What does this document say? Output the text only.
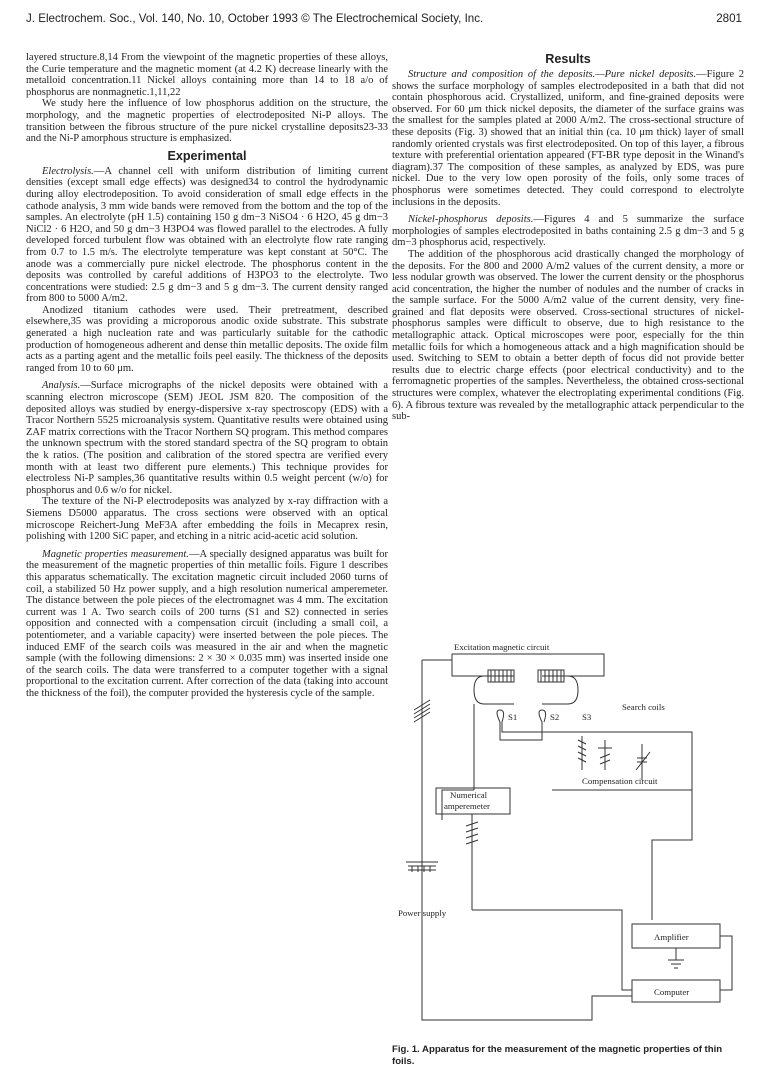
J. Electrochem. Soc., Vol. 140, No. 10, October 1993 © The Electrochemical Society, Inc.	2801

layered structure.8,14 From the viewpoint of the magnetic properties of these alloys, the Curie temperature and the magnetic moment (at 4.2 K) decrease linearly with the metalloid concentration.11 Nickel alloys containing more than 14 to 18 a/o of phosphorus are nonmagnetic.1,11,22

We study here the influence of low phosphorus addition on the structure, the morphology, and the magnetic properties of electrodeposited Ni-P alloys. The transition between the fibrous structure of the pure nickel crystalline deposits23-33 and the Ni-P amorphous structure is emphasized.

Experimental

Electrolysis.—A channel cell with uniform distribution of limiting current densities (except small edge effects) was designed34 to control the hydrodynamic during alloy electrodeposition. To avoid consideration of small edge effects in the cathode analysis, 3 mm wide bands were removed from the bottom and the top of the samples. An electrolyte (pH 1.5) containing 150 g dm−3 NiSO4 · 6 H2O, 45 g dm−3 NiCl2 · 6 H2O, and 50 g dm−3 H3PO4 was flowed parallel to the electrodes. A fully developed forced turbulent flow was obtained with an electrolyte flow rate ranging from 0.7 to 1.5 m/s. The electrolyte temperature was kept constant at 50°C. The anode was a commercially pure nickel electrode. The phosphorus content in the deposits was controlled by careful additions of H3PO3 to the electrolyte. Two concentrations were studied: 2.5 g dm−3 and 5 g dm−3. The current density ranged from 800 to 5000 A/m2.

Anodized titanium cathodes were used. Their pretreatment, described elsewhere,35 was providing a microporous anodic oxide substrate. This substrate generated a high nucleation rate and was particularly suitable for the cathodic production of homogeneous adherent and dense thin metallic deposits. The oxide film acts as a parting agent and the metallic foils peel easily. The thickness of the deposits ranged from 10 to 60 μm.

Analysis.—Surface micrographs of the nickel deposits were obtained with a scanning electron microscope (SEM) JEOL JSM 820. The composition of the deposited alloys was studied by energy-dispersive x-ray spectroscopy (EDS) with a Tracor Northern 5525 microanalysis system. Quantitative results were obtained using ZAF matrix corrections with the Tracor Northern SQ program. This method compares the unknown spectrum with the stored standard spectra of the SQ program to obtain the k ratios. (The position and calibration of the stored spectra are verified every month with at least two different pure elements.) This technique provides for electroless Ni-P samples,36 quantitative results within 0.5 weight percent (w/o) for phosphorus and 0.6 w/o for nickel.

The texture of the Ni-P electrodeposits was analyzed by x-ray diffraction with a Siemens D5000 apparatus. The cross sections were observed with an optical microscope Reichert-Jung MeF3A after embedding the foils in Mecaprex resin, polishing with 1200 SiC paper, and etching in a nitric acid-acetic acid solution.

Magnetic properties measurement.—A specially designed apparatus was built for the measurement of the magnetic properties of thin metallic foils. Figure 1 describes this apparatus schematically. The excitation magnetic circuit included 2060 turns of coil, a stabilized 50 Hz power supply, and a high resolution numerical amperemeter. The distance between the pole pieces of the electromagnet was 4 mm. The excitation current was 1 A. Two search coils of 200 turns (S1 and S2) connected in series opposition and connected with a compensation circuit (including a small coil, a potentiometer, and a variable capacity) were inserted between the pole pieces. The induced EMF of the search coils was measured in the air and when the magnetic sample (with the following dimensions: 2 × 30 × 0.035 mm) was inserted inside one of the search coils. The data were transferred to a computer together with a signal proportional to the excitation current. After correction of the data (taking into account the thickness of the foil), the computer provided the hysteresis cycle of the sample.

Results

Structure and composition of the deposits.—Pure nickel deposits.—Figure 2 shows the surface morphology of samples electrodeposited in a bath that did not contain phosphorous acid. Crystallized, uniform, and fine-grained deposits were observed. For 60 μm thick nickel deposits, the diameter of the surface grains was the smallest for the samples plated at 2000 A/m2. The cross-sectional structure of these deposits (Fig. 3) showed that an initial thin (ca. 10 μm thick) layer of small randomly oriented crystals was first electrodeposited. On top of this layer, a fibrous texture with preferential orientation appeared (FT-BR type deposit in the Winand's diagram).37 The composition of these samples, as analyzed by EDS, was pure nickel. Due to the very low open porosity of the foils, only some traces of phosphorus were sometimes detected. They could correspond to electrolyte inclusions in the deposits.

Nickel-phosphorus deposits.—Figures 4 and 5 summarize the surface morphologies of samples electrodeposited in baths containing 2.5 g dm−3 and 5 g dm−3 phosphorus acid, respectively.

The addition of the phosphorous acid drastically changed the morphology of the deposits. For the 800 and 2000 A/m2 values of the current density, a more or less nodular growth was observed. The lower the current density or the phosphorus acid concentration, the higher the number of nodules and the number of cracks in the sample surface. For the 5000 A/m2 value of the current density, very fine-grained and flat deposits were observed. Cross-sectional structures of nickel-phosphorus samples were difficult to observe, due to high resistance to the metallographic attack. Optical microscopes were poor, especially for the thin metallic foils for which a homogeneous attack and a high magnification should be used. Switching to SEM to obtain a better depth of focus did not provide better results due to electric charge effects (poor electrical conductivity) and to the ferromagnetic properties of the samples. Nevertheless, the obtained cross-sectional structures were complex, whatever the electroplating experimental conditions (Fig. 6). A fibrous texture was revealed by the metallographic attack perpendicular to the sub-

Excitation magnetic circuit
Search coils
S1	S2	S3
Compensation circuit
Numerical
amperemeter
Power supply
Amplifier
Computer
Fig. 1. Apparatus for the measurement of the magnetic properties of thin foils.
